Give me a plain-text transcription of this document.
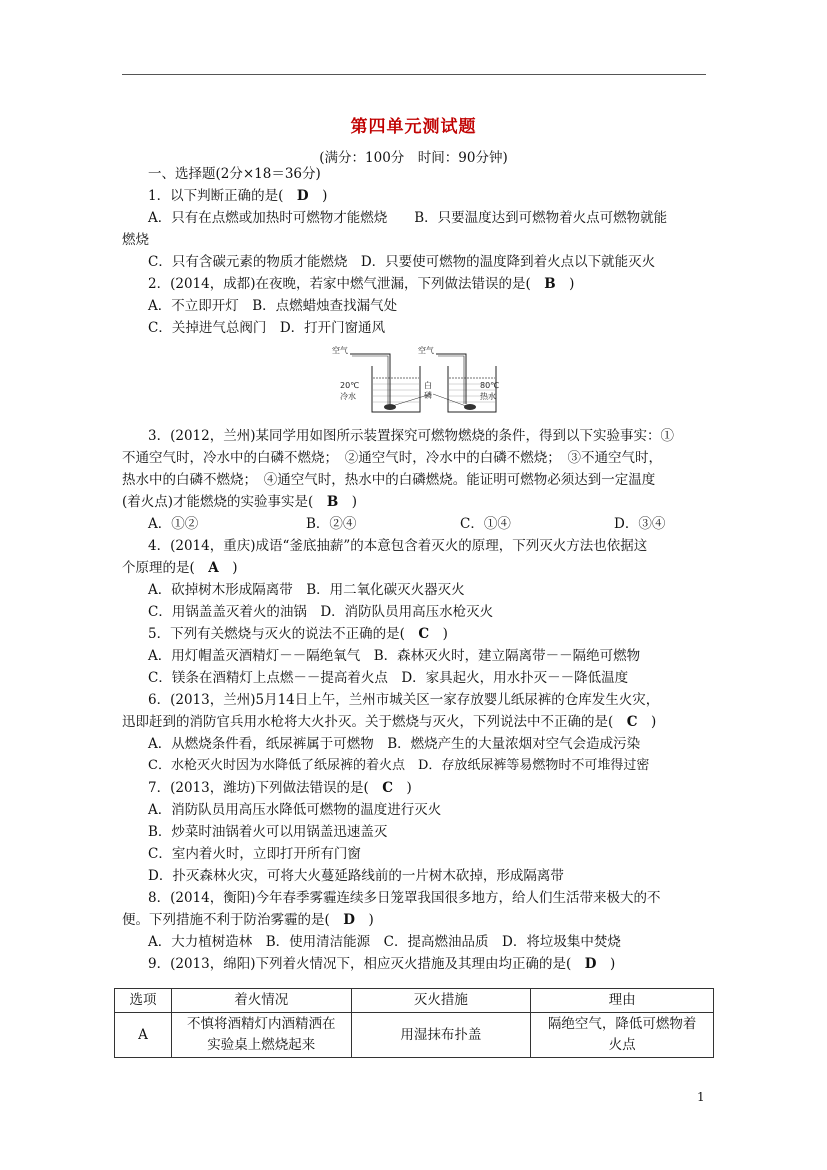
第四单元测试题
(满分：100分　时间：90分钟)
一、选择题(2分×18＝36分)
1．以下判断正确的是(　 D　 )
A．只有在点燃或加热时可燃物才能燃烧　　B．只要温度达到可燃物着火点可燃物就能
燃烧
C．只有含碳元素的物质才能燃烧　D．只要使可燃物的温度降到着火点以下就能灭火
2．(2014，成都)在夜晚，若家中燃气泄漏，下列做法错误的是(　 B　 )
A．不立即开灯　B．点燃蜡烛查找漏气处
C．关掉进气总阀门　D．打开门窗通风
空气	空气
20℃
冷水
白
磷
80℃
热水
3．(2012，兰州)某同学用如图所示装置探究可燃物燃烧的条件，得到以下实验事实：①
不通空气时，冷水中的白磷不燃烧；　②通空气时，冷水中的白磷不燃烧；　③不通空气时，
热水中的白磷不燃烧；　④通空气时，热水中的白磷燃烧。能证明可燃物必须达到一定温度
(着火点)才能燃烧的实验事实是(　 B　 )
A．①②	B．②④	C．①④	D．③④
4．(2014，重庆)成语“釜底抽薪”的本意包含着灭火的原理，下列灭火方法也依据这
个原理的是(　 A　 )
A．砍掉树木形成隔离带　B．用二氧化碳灭火器灭火
C．用锅盖盖灭着火的油锅　D．消防队员用高压水枪灭火
5．下列有关燃烧与灭火的说法不正确的是(　 C　 )
A．用灯帽盖灭酒精灯－－隔绝氧气　B．森林灭火时，建立隔离带－－隔绝可燃物
C．镁条在酒精灯上点燃－－提高着火点　D．家具起火，用水扑灭－－降低温度
6．(2013，兰州)5月14日上午，兰州市城关区一家存放婴儿纸尿裤的仓库发生火灾，
迅即赶到的消防官兵用水枪将大火扑灭。关于燃烧与灭火，下列说法中不正确的是(　 C　 )
A．从燃烧条件看，纸尿裤属于可燃物　B．燃烧产生的大量浓烟对空气会造成污染
C．水枪灭火时因为水降低了纸尿裤的着火点　D．存放纸尿裤等易燃物时不可堆得过密
7．(2013，潍坊)下列做法错误的是(　 C　 )
A．消防队员用高压水降低可燃物的温度进行灭火
B．炒菜时油锅着火可以用锅盖迅速盖灭
C．室内着火时，立即打开所有门窗
D．扑灭森林火灾，可将大火蔓延路线前的一片树木砍掉，形成隔离带
8．(2014，衡阳)今年春季雾霾连续多日笼罩我国很多地方，给人们生活带来极大的不
便。下列措施不利于防治雾霾的是(　 D　 )
A．大力植树造林　B．使用清洁能源　C．提高燃油品质　D．将垃圾集中焚烧
9．(2013，绵阳)下列着火情况下，相应灭火措施及其理由均正确的是(　 D　 )
选项	着火情况	灭火措施	理由
A	不慎将酒精灯内酒精洒在
实验桌上燃烧起来	用湿抹布扑盖	隔绝空气，降低可燃物着
火点
1
